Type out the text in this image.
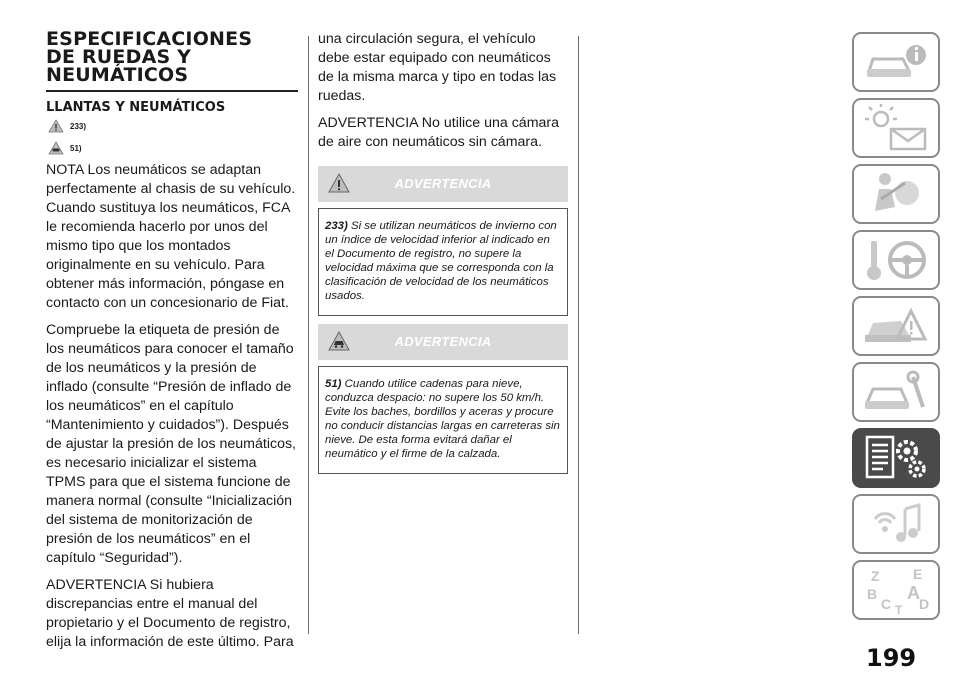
ESPECIFICACIONES
DE RUEDAS Y
NEUMÁTICOS
LLANTAS Y NEUMÁTICOS
233)
51)

NOTA Los neumáticos se adaptan perfectamente al chasis de su vehículo. Cuando sustituya los neumáticos, FCA le recomienda hacerlo por unos del mismo tipo que los montados originalmente en su vehículo. Para obtener más información, póngase en contacto con un concesionario de Fiat.

Compruebe la etiqueta de presión de los neumáticos para conocer el tamaño de los neumáticos y la presión de inflado (consulte “Presión de inflado de los neumáticos” en el capítulo “Mantenimiento y cuidados”). Después de ajustar la presión de los neumáticos, es necesario inicializar el sistema TPMS para que el sistema funcione de manera normal (consulte “Inicialización del sistema de monitorización de presión de los neumáticos” en el capítulo “Seguridad”).

ADVERTENCIA Si hubiera discrepancias entre el manual del propietario y el Documento de registro, elija la información de este último. Para

una circulación segura, el vehículo debe estar equipado con neumáticos de la misma marca y tipo en todas las ruedas.

ADVERTENCIA No utilice una cámara de aire con neumáticos sin cámara.

ADVERTENCIA
233) Si se utilizan neumáticos de invierno con un índice de velocidad inferior al indicado en el Documento de registro, no supere la velocidad máxima que se corresponda con la clasificación de velocidad de los neumáticos usados.
ADVERTENCIA
51) Cuando utilice cadenas para nieve, conduzca despacio: no supere los 50 km/h. Evite los baches, bordillos y aceras y procure no conducir distancias largas en carreteras sin nieve. De esta forma evitará dañar el neumático y el firme de la calzada.
Z E
B A
C D
T
199
